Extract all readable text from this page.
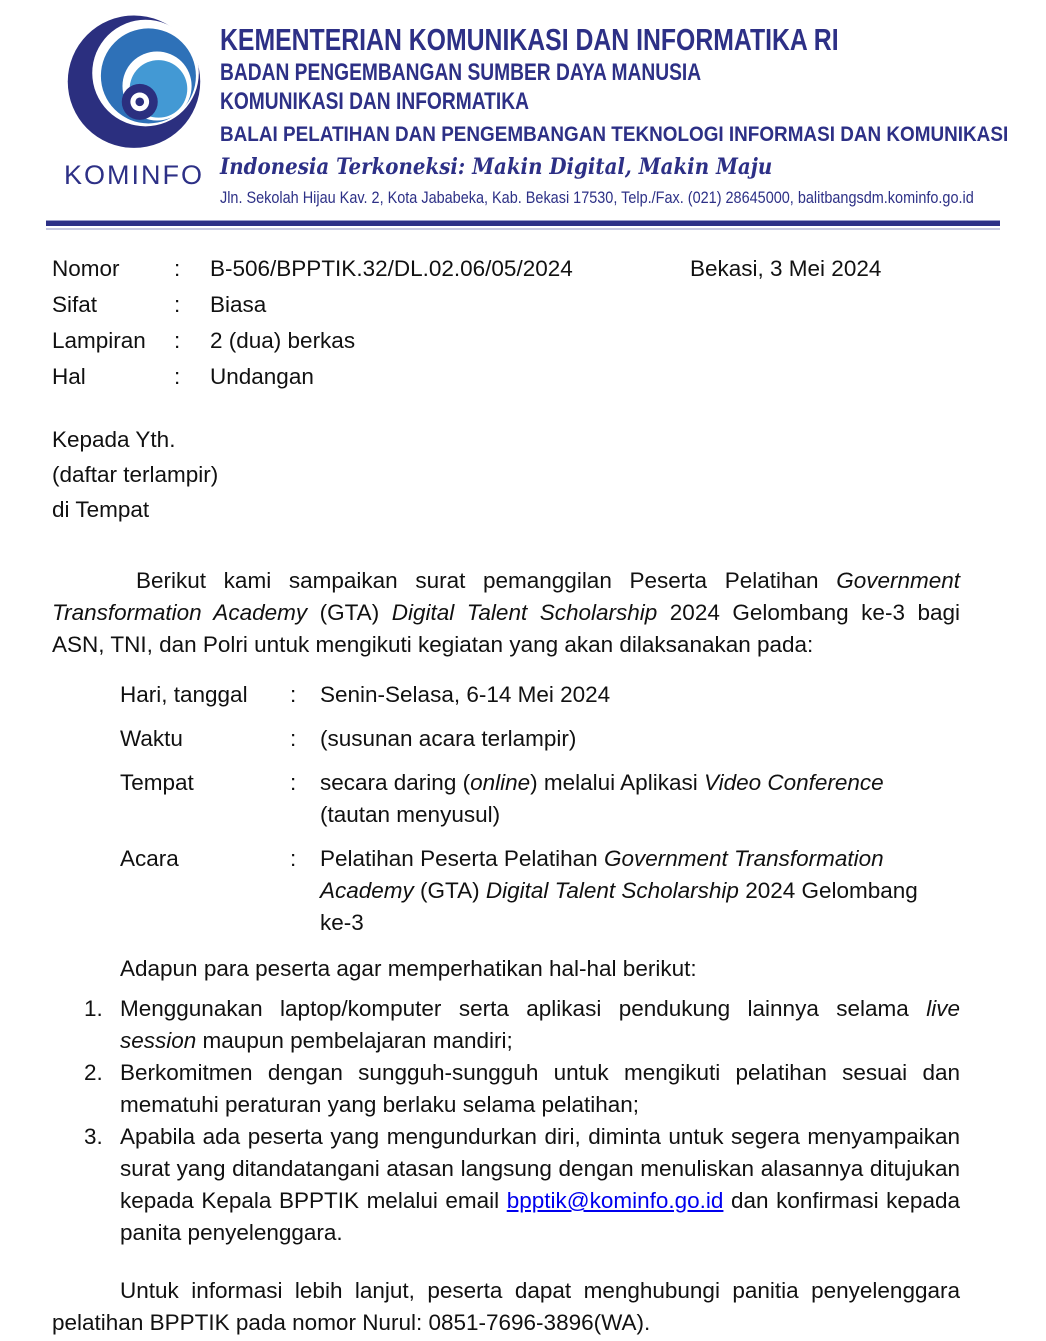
KOMINFO
KEMENTERIAN KOMUNIKASI DAN INFORMATIKA RI
BADAN PENGEMBANGAN SUMBER DAYA MANUSIA
KOMUNIKASI DAN INFORMATIKA
BALAI PELATIHAN DAN PENGEMBANGAN TEKNOLOGI INFORMASI DAN KOMUNIKASI
Indonesia Terkoneksi: Makin Digital, Makin Maju
Jln. Sekolah Hijau Kav. 2, Kota Jababeka, Kab. Bekasi 17530, Telp./Fax. (021) 28645000, balitbangsdm.kominfo.go.id
Bekasi, 3 Mei 2024
Nomor	:	B-506/BPPTIK.32/DL.02.06/05/2024
Sifat	:	Biasa
Lampiran	:	2 (dua) berkas
Hal	:	Undangan
Kepada Yth.
(daftar terlampir)
di Tempat
Berikut kami sampaikan surat pemanggilan Peserta Pelatihan Government Transformation Academy (GTA) Digital Talent Scholarship 2024 Gelombang ke-3 bagi ASN, TNI, dan Polri untuk mengikuti kegiatan yang akan dilaksanakan pada:
Hari, tanggal	:	Senin-Selasa, 6-14 Mei 2024
Waktu	:	(susunan acara terlampir)
Tempat	:	secara daring (online) melalui Aplikasi Video Conference
(tautan menyusul)
Acara	:	Pelatihan Peserta Pelatihan Government Transformation Academy (GTA) Digital Talent Scholarship 2024 Gelombang ke-3
Adapun para peserta agar memperhatikan hal-hal berikut:
Menggunakan laptop/komputer serta aplikasi pendukung lainnya selama live session maupun pembelajaran mandiri;
Berkomitmen dengan sungguh-sungguh untuk mengikuti pelatihan sesuai dan mematuhi peraturan yang berlaku selama pelatihan;
Apabila ada peserta yang mengundurkan diri, diminta untuk segera menyampaikan surat yang ditandatangani atasan langsung dengan menuliskan alasannya ditujukan kepada Kepala BPPTIK melalui email bpptik@kominfo.go.id dan konfirmasi kepada panita penyelenggara.
Untuk informasi lebih lanjut, peserta dapat menghubungi panitia penyelenggara pelatihan BPPTIK pada nomor Nurul: 0851-7696-3896(WA).
